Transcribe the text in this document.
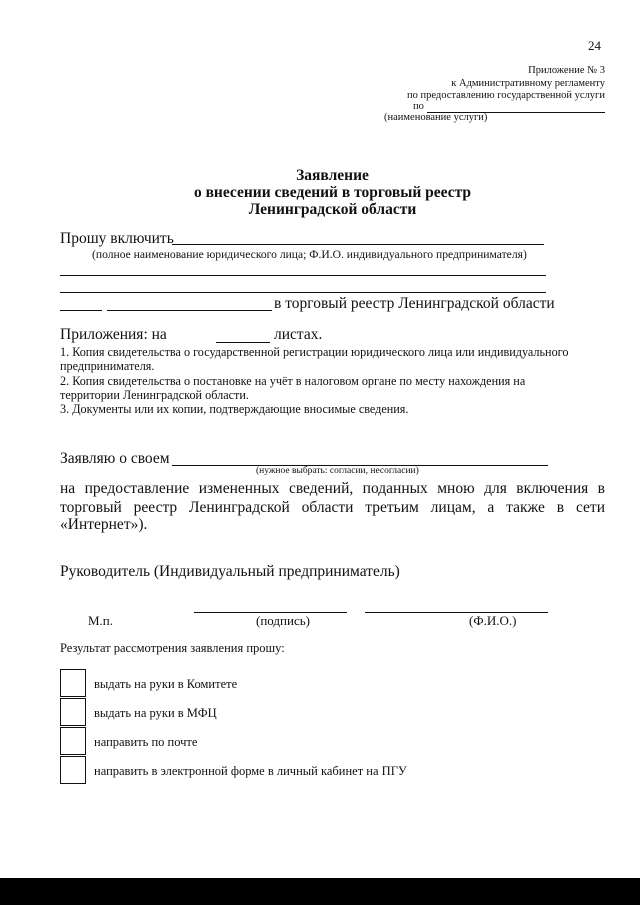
24
Приложение № 3
к Административному регламенту
по предоставлению государственной услуги
по
(наименование услуги)
Заявление
о внесении сведений в торговый реестр
Ленинградской области
Прошу включить
(полное наименование юридического лица; Ф.И.О. индивидуального предпринимателя)
в торговый реестр Ленинградской области
Приложения: на	листах.
1. Копия свидетельства о государственной регистрации юридического лица или индивидуального
предпринимателя.
2. Копия свидетельства о постановке на учёт в налоговом органе по месту нахождения на
территории Ленинградской области.
3. Документы или их копии, подтверждающие вносимые сведения.
Заявляю о своем
(нужное выбрать: согласии, несогласии)
на предоставление измененных сведений, поданных мною для включения в
торговый реестр Ленинградской области третьим лицам, а также в сети
«Интернет»).
Руководитель (Индивидуальный предприниматель)
М.п.	(подпись)	(Ф.И.О.)
Результат рассмотрения заявления прошу:
выдать на руки в Комитете
выдать на руки в МФЦ
направить по почте
направить в электронной форме в личный кабинет на ПГУ
